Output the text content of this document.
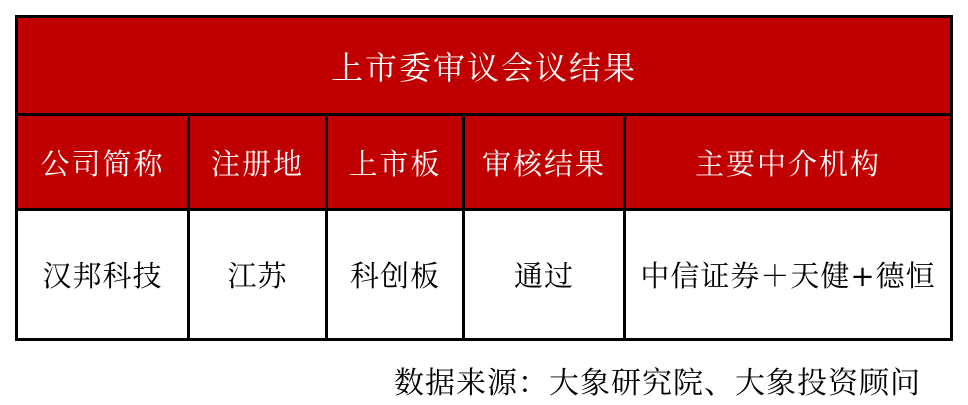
上市委审议会议结果
公司简称	注册地	上市板	审核结果	主要中介机构
汉邦科技	江苏	科创板	通过	中信证券＋天健+德恒
数据来源：大象研究院、大象投资顾问
